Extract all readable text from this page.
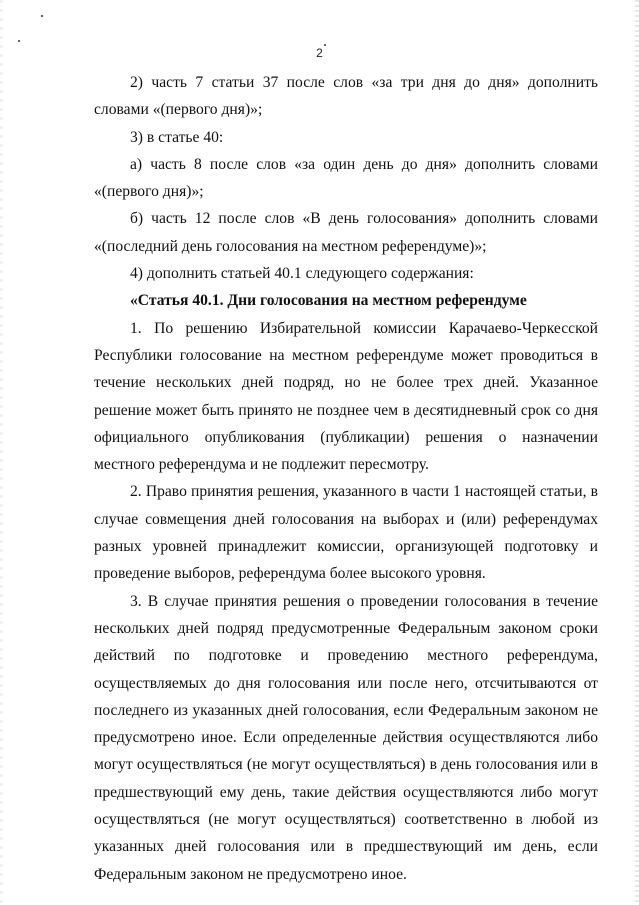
2

2) часть 7 статьи 37 после слов «за три дня до дня» дополнить словами «(первого дня)»;

3) в статье 40:

а) часть 8 после слов «за один день до дня» дополнить словами «(первого дня)»;

б) часть 12 после слов «В день голосования» дополнить словами «(последний день голосования на местном референдуме)»;

4) дополнить статьей 40.1 следующего содержания:

«Статья 40.1. Дни голосования на местном референдуме

1. По решению Избирательной комиссии Карачаево-Черкесской Республики голосование на местном референдуме может проводиться в течение нескольких дней подряд, но не более трех дней. Указанное решение может быть принято не позднее чем в десятидневный срок со дня официального опубликования (публикации) решения о назначении местного референдума и не подлежит пересмотру.

2. Право принятия решения, указанного в части 1 настоящей статьи, в случае совмещения дней голосования на выборах и (или) референдумах разных уровней принадлежит комиссии, организующей подготовку и проведение выборов, референдума более высокого уровня.

3. В случае принятия решения о проведении голосования в течение нескольких дней подряд предусмотренные Федеральным законом сроки действий по подготовке и проведению местного референдума, осуществляемых до дня голосования или после него, отсчитываются от последнего из указанных дней голосования, если Федеральным законом не предусмотрено иное. Если определенные действия осуществляются либо могут осуществляться (не могут осуществляться) в день голосования или в предшествующий ему день, такие действия осуществляются либо могут осуществляться (не могут осуществляться) соответственно в любой из указанных дней голосования или в предшествующий им день, если Федеральным законом не предусмотрено иное.
